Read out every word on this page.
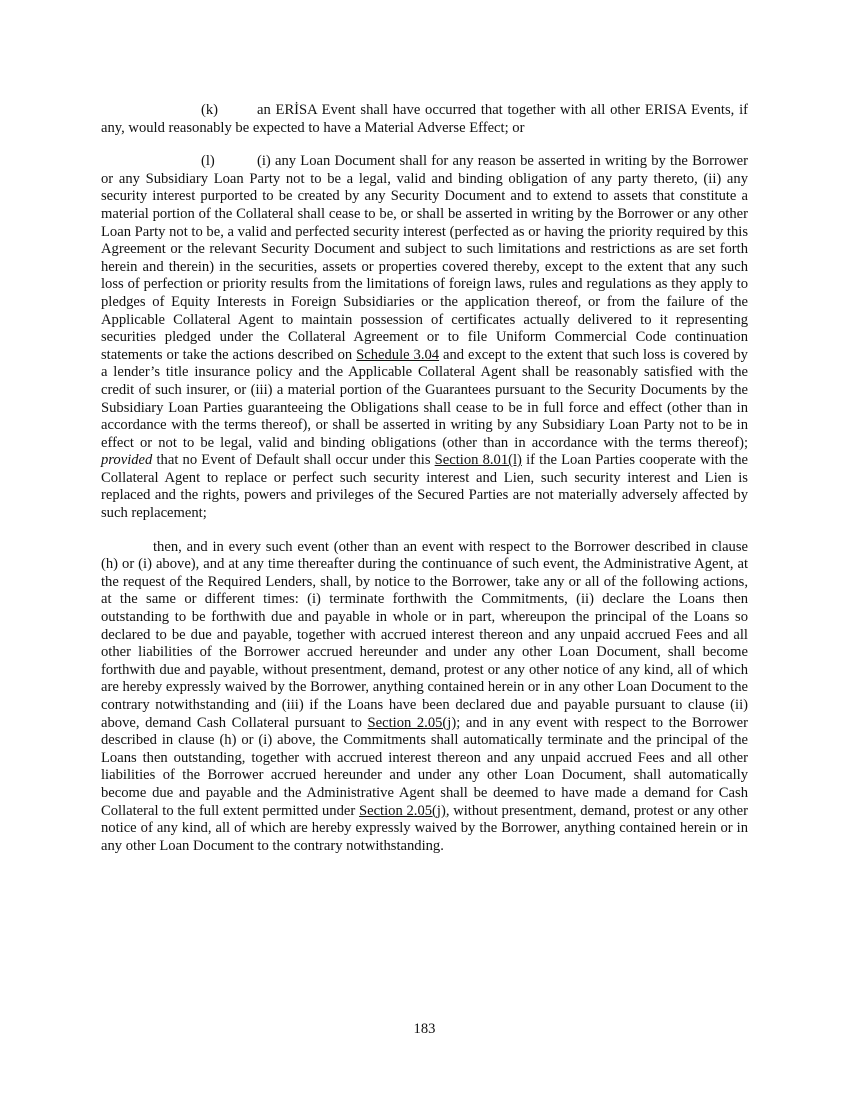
(k)	an ERİSA Event shall have occurred that together with all other ERISA Events, if any, would reasonably be expected to have a Material Adverse Effect; or

(l)	(i) any Loan Document shall for any reason be asserted in writing by the Borrower or any Subsidiary Loan Party not to be a legal, valid and binding obligation of any party thereto, (ii) any security interest purported to be created by any Security Document and to extend to assets that constitute a material portion of the Collateral shall cease to be, or shall be asserted in writing by the Borrower or any other Loan Party not to be, a valid and perfected security interest (perfected as or having the priority required by this Agreement or the relevant Security Document and subject to such limitations and restrictions as are set forth herein and therein) in the securities, assets or properties covered thereby, except to the extent that any such loss of perfection or priority results from the limitations of foreign laws, rules and regulations as they apply to pledges of Equity Interests in Foreign Subsidiaries or the application thereof, or from the failure of the Applicable Collateral Agent to maintain possession of certificates actually delivered to it representing securities pledged under the Collateral Agreement or to file Uniform Commercial Code continuation statements or take the actions described on Schedule 3.04 and except to the extent that such loss is covered by a lender’s title insurance policy and the Applicable Collateral Agent shall be reasonably satisfied with the credit of such insurer, or (iii) a material portion of the Guarantees pursuant to the Security Documents by the Subsidiary Loan Parties guaranteeing the Obligations shall cease to be in full force and effect (other than in accordance with the terms thereof), or shall be asserted in writing by any Subsidiary Loan Party not to be in effect or not to be legal, valid and binding obligations (other than in accordance with the terms thereof); provided that no Event of Default shall occur under this Section 8.01(l) if the Loan Parties cooperate with the Collateral Agent to replace or perfect such security interest and Lien, such security interest and Lien is replaced and the rights, powers and privileges of the Secured Parties are not materially adversely affected by such replacement;

then, and in every such event (other than an event with respect to the Borrower described in clause (h) or (i) above), and at any time thereafter during the continuance of such event, the Administrative Agent, at the request of the Required Lenders, shall, by notice to the Borrower, take any or all of the following actions, at the same or different times: (i) terminate forthwith the Commitments, (ii) declare the Loans then outstanding to be forthwith due and payable in whole or in part, whereupon the principal of the Loans so declared to be due and payable, together with accrued interest thereon and any unpaid accrued Fees and all other liabilities of the Borrower accrued hereunder and under any other Loan Document, shall become forthwith due and payable, without presentment, demand, protest or any other notice of any kind, all of which are hereby expressly waived by the Borrower, anything contained herein or in any other Loan Document to the contrary notwithstanding and (iii) if the Loans have been declared due and payable pursuant to clause (ii) above, demand Cash Collateral pursuant to Section 2.05(j); and in any event with respect to the Borrower described in clause (h) or (i) above, the Commitments shall automatically terminate and the principal of the Loans then outstanding, together with accrued interest thereon and any unpaid accrued Fees and all other liabilities of the Borrower accrued hereunder and under any other Loan Document, shall automatically become due and payable and the Administrative Agent shall be deemed to have made a demand for Cash Collateral to the full extent permitted under Section 2.05(j), without presentment, demand, protest or any other notice of any kind, all of which are hereby expressly waived by the Borrower, anything contained herein or in any other Loan Document to the contrary notwithstanding.

183
